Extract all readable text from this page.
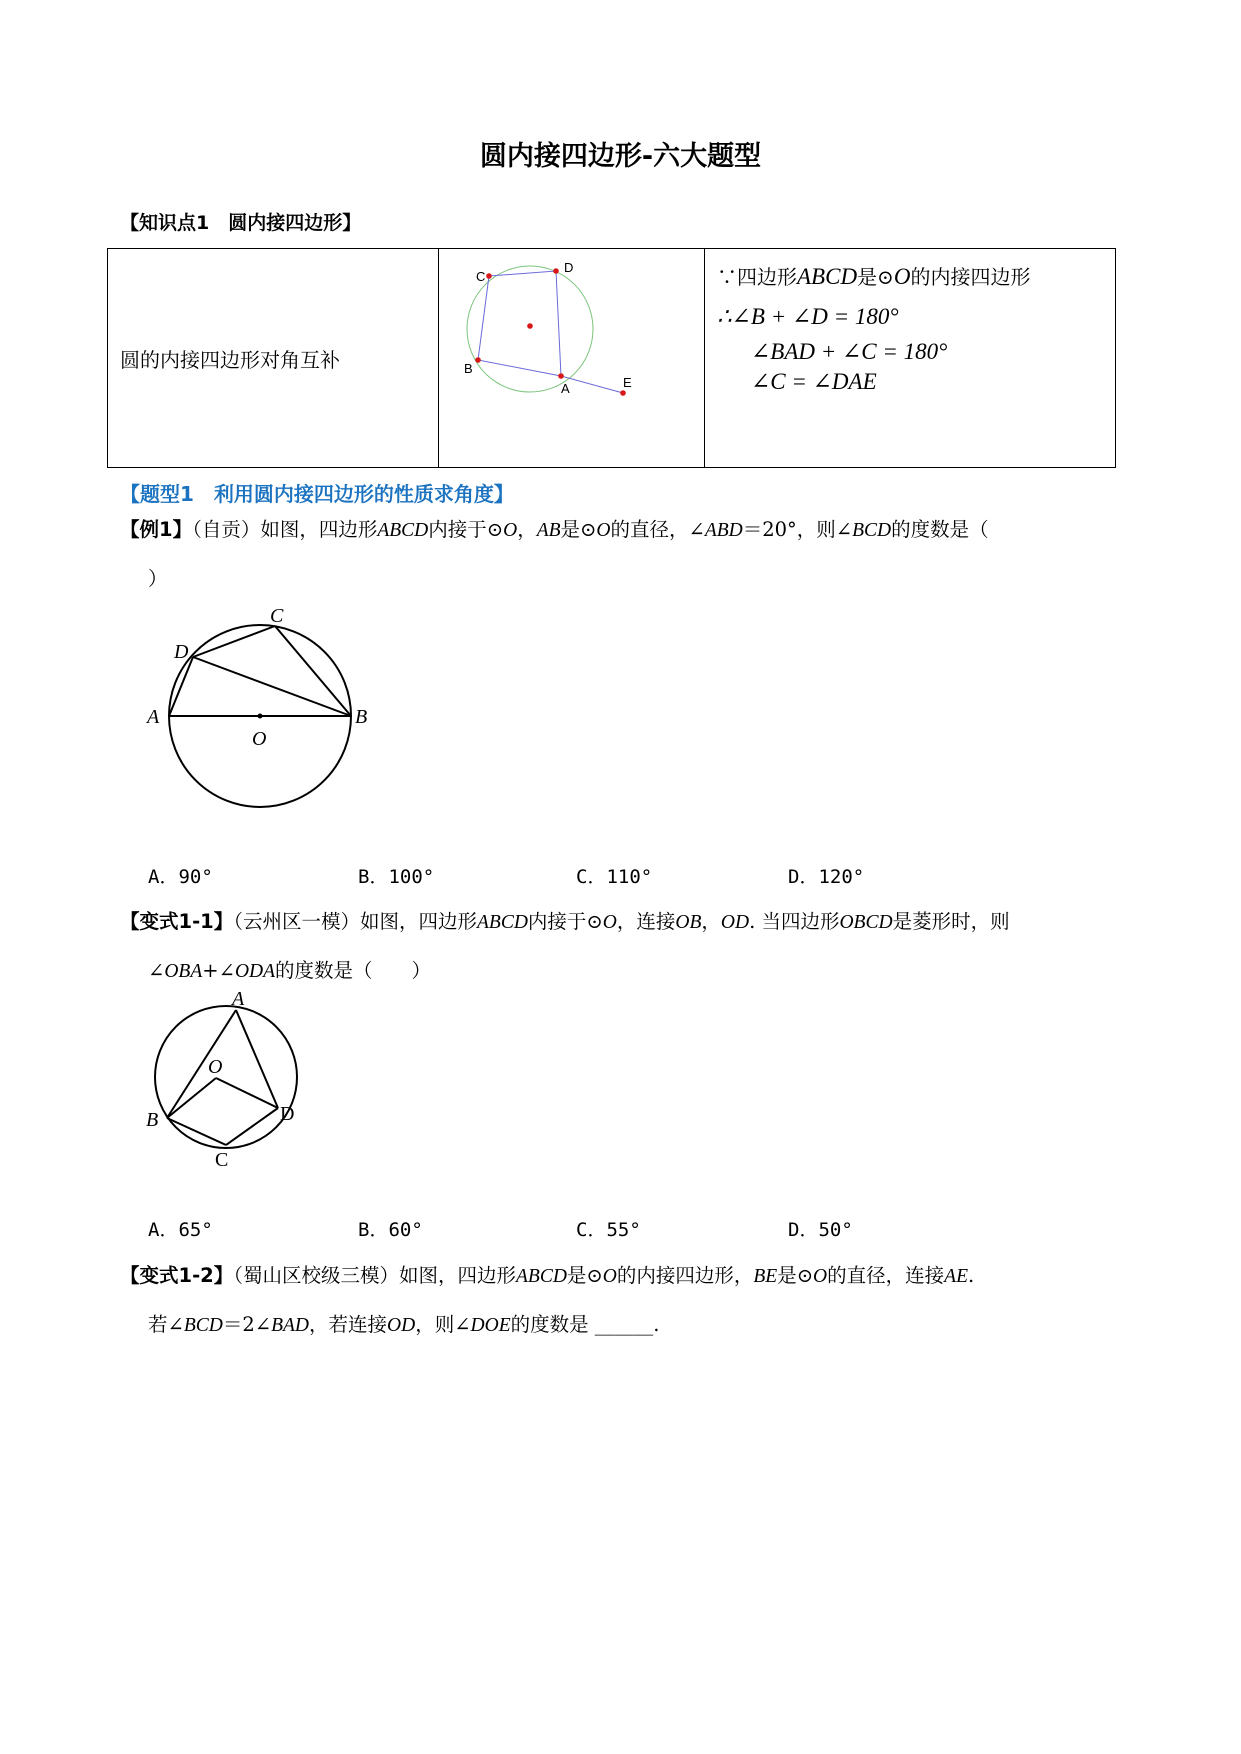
圆内接四边形-六大题型
【知识点1　圆内接四边形】
圆的内接四边形对角互补

C
D
B
A	E

∵四边形ABCD是⊙O的内接四边形
∴∠B + ∠D = 180°
∠BAD + ∠C = 180°
∠C = ∠DAE
【题型1　利用圆内接四边形的性质求角度】
【例1】（自贡）如图，四边形ABCD内接于⊙O，AB是⊙O的直径，∠ABD＝20°，则∠BCD的度数是（
）
A	B
C
D
O
A．90°	B．100°	C．110°	D．120°
【变式1-1】（云州区一模）如图，四边形ABCD内接于⊙O，连接OB，OD. 当四边形OBCD是菱形时，则
∠OBA+∠ODA的度数是（　　）
A
O
B	D
C
A．65°	B．60°	C．55°	D．50°
【变式1-2】（蜀山区校级三模）如图，四边形ABCD是⊙O的内接四边形，BE是⊙O的直径，连接AE.
若∠BCD＝2∠BAD，若连接OD，则∠DOE的度数是 ______.
